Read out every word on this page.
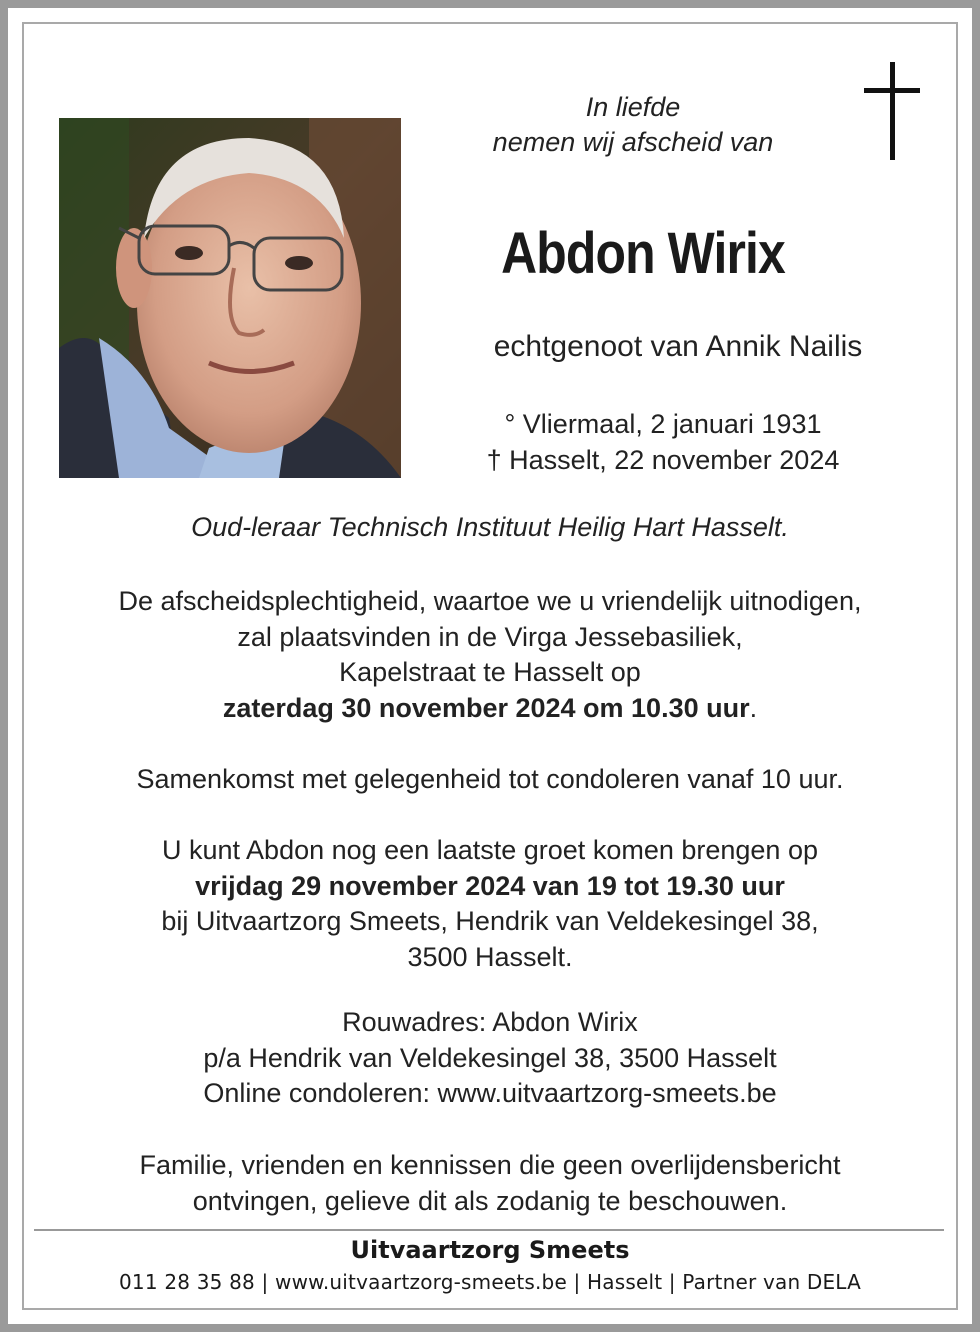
In liefde
nemen wij afscheid van
Abdon Wirix
echtgenoot van Annik Nailis
° Vliermaal, 2 januari 1931
† Hasselt, 22 november 2024
Oud-leraar Technisch Instituut Heilig Hart Hasselt.
De afscheidsplechtigheid, waartoe we u vriendelijk uitnodigen,
zal plaatsvinden in de Virga Jessebasiliek,
Kapelstraat te Hasselt op
zaterdag 30 november 2024 om 10.30 uur.
Samenkomst met gelegenheid tot condoleren vanaf 10 uur.
U kunt Abdon nog een laatste groet komen brengen op
vrijdag 29 november 2024 van 19 tot 19.30 uur
bij Uitvaartzorg Smeets, Hendrik van Veldekesingel 38,
3500 Hasselt.
Rouwadres: Abdon Wirix
p/a Hendrik van Veldekesingel 38, 3500 Hasselt
Online condoleren: www.uitvaartzorg-smeets.be
Familie, vrienden en kennissen die geen overlijdensbericht
ontvingen, gelieve dit als zodanig te beschouwen.
Uitvaartzorg Smeets
011 28 35 88 | www.uitvaartzorg-smeets.be | Hasselt | Partner van DELA
